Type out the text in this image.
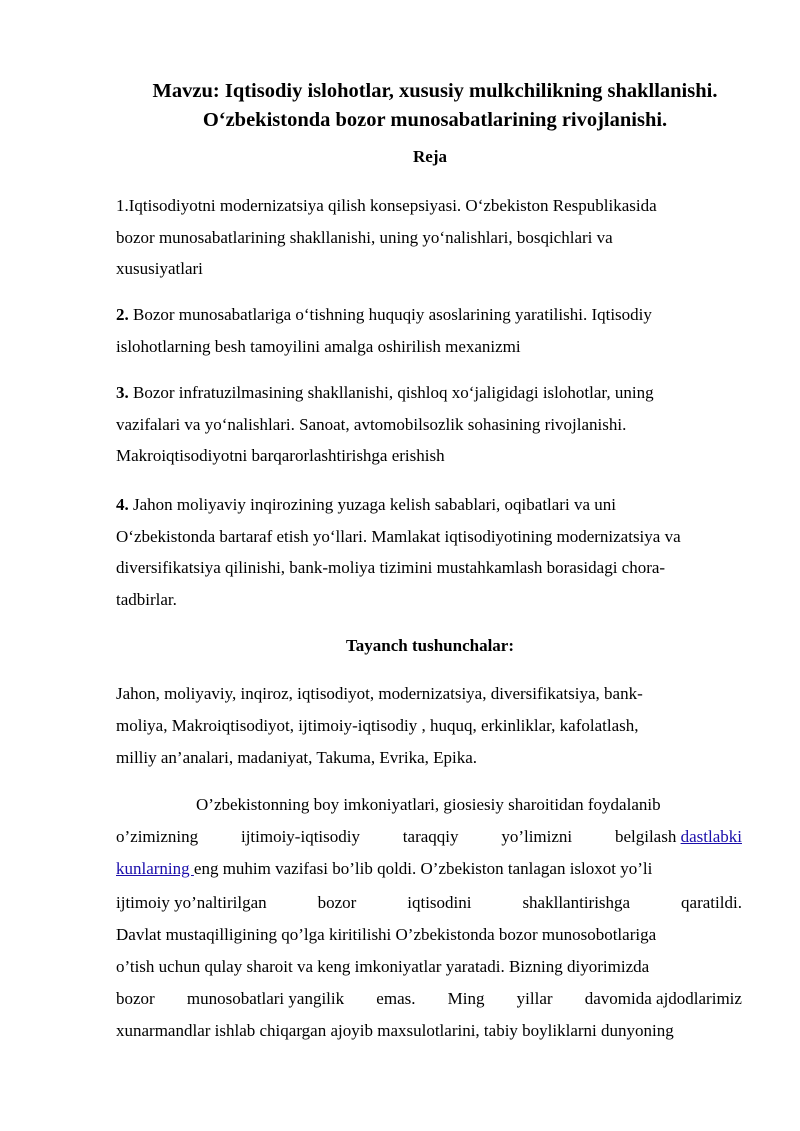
Mavzu: Iqtisodiy islohotlar, xususiy mulkchilikning shakllanishi.
O‘zbekistonda bozor munosabatlarining rivojlanishi.
Reja
1.Iqtisodiyotni modernizatsiya qilish konsepsiyasi. O‘zbekiston Respublikasida
bozor munosabatlarining shakllanishi, uning yo‘nalishlari, bosqichlari va
xususiyatlari
2. Bozor munosabatlariga o‘tishning huquqiy asoslarining yaratilishi. Iqtisodiy
islohotlarning besh tamoyilini amalga oshirilish mexanizmi
3. Bozor infratuzilmasining shakllanishi, qishloq xo‘jaligidagi islohotlar, uning
vazifalari va yo‘nalishlari. Sanoat, avtomobilsozlik sohasining rivojlanishi.
Makroiqtisodiyotni barqarorlashtirishga erishish
4. Jahon moliyaviy inqirozining yuzaga kelish sabablari, oqibatlari va uni
O‘zbekistonda bartaraf etish yo‘llari. Mamlakat iqtisodiyotining modernizatsiya va
diversifikatsiya qilinishi, bank-moliya tizimini mustahkamlash borasidagi chora-
tadbirlar.
Tayanch tushunchalar:
Jahon, moliyaviy, inqiroz, iqtisodiyot, modernizatsiya, diversifikatsiya, bank-
moliya, Makroiqtisodiyot, ijtimoiy-iqtisodiy , huquq, erkinliklar, kafolatlash,
milliy an’analari, madaniyat, Takuma, Evrika, Epika.
O’zbekistonning boy imkoniyatlari, giosiesiy sharoitidan foydalanib
o’zimizning	ijtimoiy-iqtisodiy	taraqqiy	yo’limizni	belgilash dastlabki
kunlarning eng muhim vazifasi bo’lib qoldi. O’zbekiston tanlagan isloxot yo’li
ijtimoiy yo’naltirilgan	bozor	iqtisodini	shakllantirishga	qaratildi.
Davlat mustaqilligining qo’lga kiritilishi O’zbekistonda bozor munosobotlariga
o’tish uchun qulay sharoit va keng imkoniyatlar yaratadi. Bizning diyorimizda
bozor munosobatlari yangilik emas. Ming yillar davomida ajdodlarimiz
xunarmandlar ishlab chiqargan ajoyib maxsulotlarini, tabiy boyliklarni dunyoning
